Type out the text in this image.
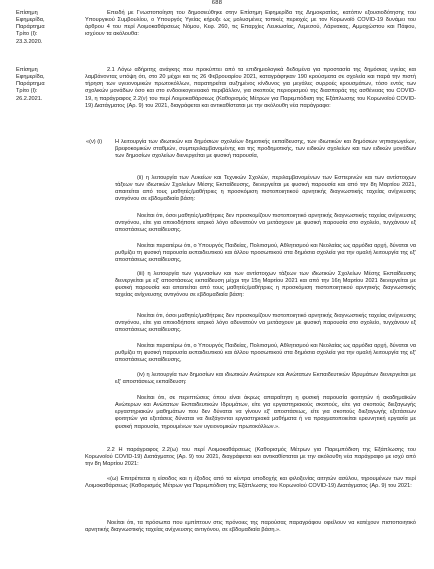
688
Επίσημη
Εφημερίδα,
Παράρτημα
Τρίτο (Ι):
23.3.2020.

Επειδή με Γνωστοποίηση του δημοσιεύθηκε στην Επίσημη Εφημερίδα της Δημοκρατίας, κατόπιν εξουσιοδότησης του Υπουργικού Συμβουλίου, ο Υπουργός Υγείας κήρυξε ως μολυσμένες τοπικές περιοχές με τον Κορωνοϊό COVID-19 δυνάμει του άρθρου 4 του περί Λοιμοκαθάρσεως Νόμου, Κεφ. 260, τις Επαρχίες Λευκωσίας, Λεμεσού, Λάρνακας, Αμμοχώστου και Πάφου, ισχύουν τα ακόλουθα:

Επίσημη
Εφημερίδα,
Παράρτημα
Τρίτο (Ι):
26.2.2021.

2.1 Λόγω αδήριτης ανάγκης που προκύπτει από τα επιδημιολογικά δεδομένα για προστασία της δημόσιας υγείας και λαμβάνοντας υπόψη ότι, στο 20 μέχρι και τις 26 Φεβρουαρίου 2021, καταγράφηκαν 190 κρούσματα σε σχολεία και παρά την πιστή τήρηση των υγειονομικών πρωτοκόλλων, παρατηρείται αυξημένος κίνδυνος για μεγάλες συρροές κρουσμάτων, τόσο εντός των σχολικών μονάδων όσο και στο ενδοοικογενειακό περιβάλλον, για σκοπούς περιορισμού της διασποράς της ασθένειας του COVID-19, η παράγραφος 2.2(ν) του περί Λοιμοκαθάρσεως (Καθορισμός Μέτρων για Παρεμπόδιση της Εξάπλωσης του Κορωνοϊού COVID-19) Διατάγματος (Αρ. 9) του 2021, διαγράφεται και αντικαθίσταται με την ακόλουθη νέα παράγραφο:

«(ν) (i)	Η λειτουργία των ιδιωτικών και δημόσιων σχολείων δημοτικής εκπαίδευσης, των ιδιωτικών και δημόσιων νηπιαγωγείων, βρεφοκομικών σταθμών, συμπεριλαμβανομένης και της προδημοτικής, των ειδικών σχολείων και των ειδικών μονάδων των δημοσίων σχολείων διενεργείται με φυσική παρουσία,

(ii) η λειτουργία των Λυκείων και Τεχνικών Σχολών, περιλαμβανομένων των Εσπερινών και των αντίστοιχων τάξεων των ιδιωτικών Σχολείων Μέσης Εκπαίδευσης, διενεργείται με φυσική παρουσία και από την 8η Μαρτίου 2021, απαιτείται από τους μαθητές/μαθήτριες η προσκόμιση πιστοποιητικού αρνητικής διαγνωστικής ταχείας ανίχνευσης αντιγόνου σε εβδομαδιαία βάση:

Νοείται ότι, όσοι μαθητές/μαθήτριες δεν προσκομίζουν πιστοποιητικό αρνητικής διαγνωστικής ταχείας ανίχνευσης αντιγόνου, είτε για οποιοδήποτε ιατρικό λόγο αδυνατούν να μετάσχουν με φυσική παρουσία στο σχολείο, τυγχάνουν εξ αποστάσεως εκπαίδευσης.

Νοείται περαιτέρω ότι, ο Υπουργός Παιδείας, Πολιτισμού, Αθλητισμού και Νεολαίας ως αρμόδια αρχή, δύναται να ρυθμίζει τη φυσική παρουσία εκπαιδευτικού και άλλου προσωπικού στα δημόσια σχολεία για την ομαλή λειτουργία της εξ' αποστάσεως εκπαίδευσης,

(iii) η λειτουργία των γυμνασίων και των αντίστοιχων τάξεων των ιδιωτικών Σχολείων Μέσης Εκπαίδευσης διενεργείται με εξ' αποστάσεως εκπαίδευση μέχρι την 15η Μαρτίου 2021 και από την 16η Μαρτίου 2021 διενεργείται με φυσική παρουσία και απαιτείται από τους μαθητές/μαθήτριες η προσκόμιση πιστοποιητικού αρνητικής διαγνωστικής ταχείας ανίχνευσης αντιγόνου σε εβδομαδιαία βάση:

Νοείται ότι, όσοι μαθητές/μαθήτριες δεν προσκομίζουν πιστοποιητικό αρνητικής διαγνωστικής ταχείας ανίχνευσης αντιγόνου, είτε για οποιοδήποτε ιατρικό λόγο αδυνατούν να μετάσχουν με φυσική παρουσία στο σχολείο, τυγχάνουν εξ αποστάσεως εκπαίδευσης.

Νοείται περαιτέρω ότι, ο Υπουργός Παιδείας, Πολιτισμού, Αθλητισμού και Νεολαίας ως αρμόδια αρχή, δύναται να ρυθμίζει τη φυσική παρουσία εκπαιδευτικού και άλλου προσωπικού στα δημόσια σχολεία για την ομαλή λειτουργία της εξ' αποστάσεως εκπαίδευσης,

(iv) η λειτουργία των δημοσίων και ιδιωτικών Ανώτερων και Ανώτατων Εκπαιδευτικών Ιδρυμάτων διενεργείται με εξ' αποστάσεως εκπαίδευση:

Νοείται ότι, σε περιπτώσεις όπου είναι άκρως απαραίτητη η φυσική παρουσία φοιτητών ή ακαδημαϊκών Ανώτερων και Ανώτατων Εκπαιδευτικών Ιδρυμάτων, είτε για εργαστηριακούς σκοπούς, είτε για σκοπούς διεξαγωγής εργαστηριακών μαθημάτων που δεν δύναται να γίνουν εξ' αποστάσεως, είτε για σκοπούς διεξαγωγής εξετάσεων φοιτητών για εξετάσεις δύναται να διεξάγονται εργαστηριακά μαθήματα ή να πραγματοποιείται ερευνητική εργασία με φυσική παρουσία, τηρουμένων των υγειονομικών πρωτοκόλλων.».

2.2 Η παράγραφος 2.2(ω) του περί Λοιμοκαθάρσεως (Καθορισμός Μέτρων για Παρεμπόδιση της Εξάπλωσης του Κορωνοϊού COVID-19) Διατάγματος (Αρ. 9) του 2021, διαγράφεται και αντικαθίσταται με την ακόλουθη νέα παράγραφο με ισχύ από την 8η Μαρτίου 2021:

«(ω) Επιτρέπεται η είσοδος και η έξοδος από τα κέντρα υποδοχής και φιλοξενίας αιτητών ασύλου, τηρουμένων των περί Λοιμοκαθάρσεως (Καθορισμός Μέτρων για Παρεμπόδιση της Εξάπλωσης του Κορωνοϊού COVID-19) Διατάγματος (Αρ. 9) του 2021:

Νοείται ότι, τα πρόσωπα που εμπίπτουν στις πρόνοιες της παρούσας παραγράφου οφείλουν να κατέχουν πιστοποιητικό αρνητικής διαγνωστικής ταχείας ανίχνευσης αντιγόνου, σε εβδομαδιαία βάση.».
